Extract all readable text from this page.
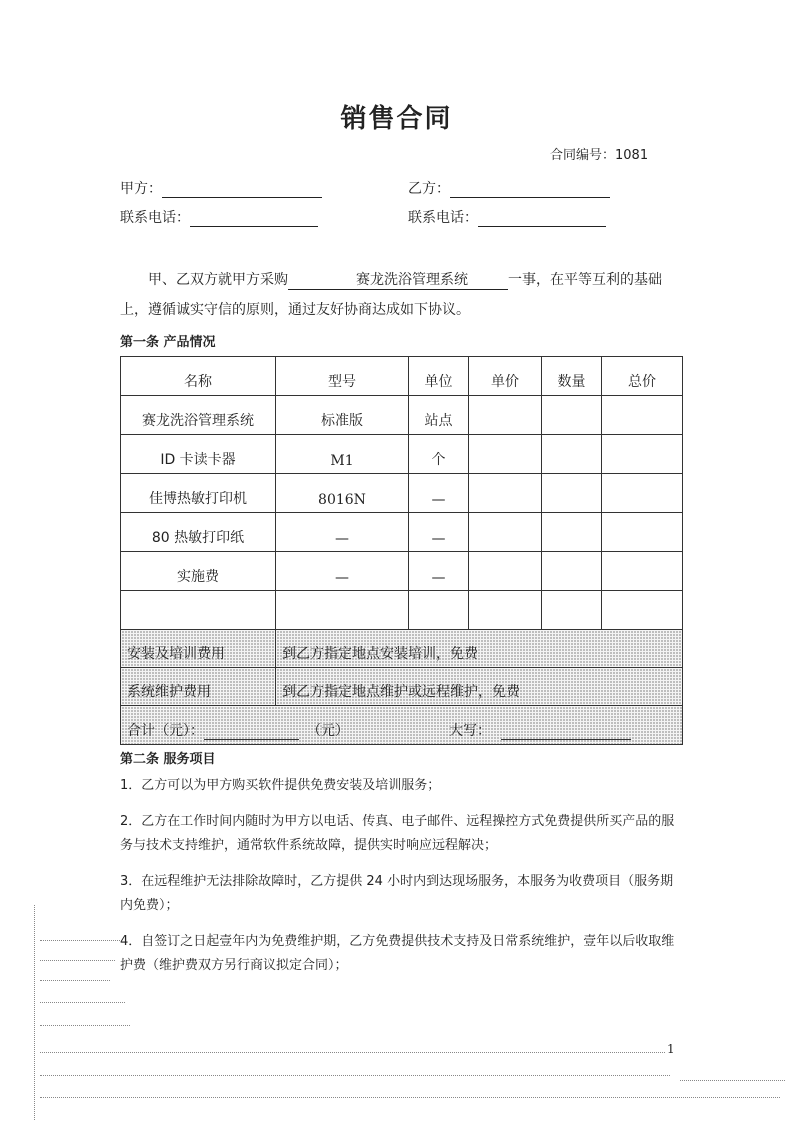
销售合同
合同编号：1081
甲方：	乙方：
联系电话：	联系电话：
甲、乙双方就甲方采购	赛龙洗浴管理系统	一事，在平等互利的基础上，遵循诚实守信的原则，通过友好协商达成如下协议。
第一条 产品情况
名称	型号	单位	单价	数量	总价
赛龙洗浴管理系统	标准版	站点			
ID 卡读卡器	M1	个			
佳博热敏打印机	8016N	—			
80 热敏打印纸	—	—			
实施费	—	—			

安装及培训费用	到乙方指定地点安装培训，免费				
系统维护费用	到乙方指定地点维护或远程维护，免费				

合计（元）： （元） 大写：					
第二条 服务项目

1．乙方可以为甲方购买软件提供免费安装及培训服务；

2．乙方在工作时间内随时为甲方以电话、传真、电子邮件、远程操控方式免费提供所买产品的服务与技术支持维护，通常软件系统故障，提供实时响应远程解决；

3．在远程维护无法排除故障时，乙方提供 24 小时内到达现场服务，本服务为收费项目（服务期内免费）；

4．自签订之日起壹年内为免费维护期，乙方免费提供技术支持及日常系统维护，壹年以后收取维护费（维护费双方另行商议拟定合同）；

1
